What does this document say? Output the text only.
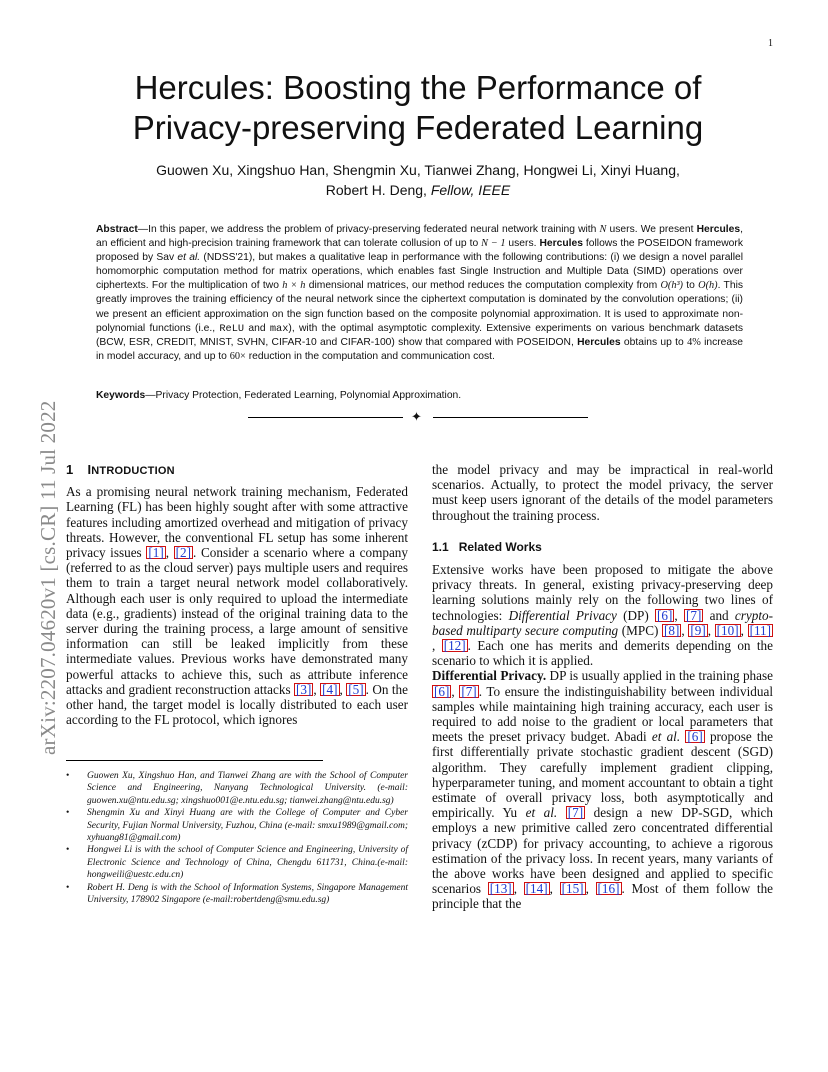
1
arXiv:2207.04620v1 [cs.CR] 11 Jul 2022
Hercules: Boosting the Performance of
Privacy-preserving Federated Learning
Guowen Xu, Xingshuo Han, Shengmin Xu, Tianwei Zhang, Hongwei Li, Xinyi Huang,
Robert H. Deng, Fellow, IEEE

Abstract—In this paper, we address the problem of privacy-preserving federated neural network training with N users. We present Hercules, an efficient and high-precision training framework that can tolerate collusion of up to N − 1 users. Hercules follows the POSEIDON framework proposed by Sav et al. (NDSS'21), but makes a qualitative leap in performance with the following contributions: (i) we design a novel parallel homomorphic computation method for matrix operations, which enables fast Single Instruction and Multiple Data (SIMD) operations over ciphertexts. For the multiplication of two h × h dimensional matrices, our method reduces the computation complexity from O(h³) to O(h). This greatly improves the training efficiency of the neural network since the ciphertext computation is dominated by the convolution operations; (ii) we present an efficient approximation on the sign function based on the composite polynomial approximation. It is used to approximate non-polynomial functions (i.e., ReLU and max), with the optimal asymptotic complexity. Extensive experiments on various benchmark datasets (BCW, ESR, CREDIT, MNIST, SVHN, CIFAR-10 and CIFAR-100) show that compared with POSEIDON, Hercules obtains up to 4% increase in model accuracy, and up to 60× reduction in the computation and communication cost.

Keywords—Privacy Protection, Federated Learning, Polynomial Approximation.

✦
1 INTRODUCTION

As a promising neural network training mechanism, Federated Learning (FL) has been highly sought after with some attractive features including amortized overhead and mitigation of privacy threats. However, the conventional FL setup has some inherent privacy issues [1] , [2] . Consider a scenario where a company (referred to as the cloud server) pays multiple users and requires them to train a target neural network model collaboratively. Although each user is only required to upload the intermediate data (e.g., gradients) instead of the original training data to the server during the training process, a large amount of sensitive information can still be leaked implicitly from these intermediate values. Previous works have demonstrated many powerful attacks to achieve this, such as attribute inference attacks and gradient reconstruction attacks [3] , [4] , [5] . On the other hand, the target model is locally distributed to each user according to the FL protocol, which ignores

• Guowen Xu, Xingshuo Han, and Tianwei Zhang are with the School of Computer Science and Engineering, Nanyang Technological University. (e-mail: guowen.xu@ntu.edu.sg; xingshuo001@e.ntu.edu.sg; tianwei.zhang@ntu.edu.sg)
• Shengmin Xu and Xinyi Huang are with the College of Computer and Cyber Security, Fujian Normal University, Fuzhou, China (e-mail: smxu1989@gmail.com; xyhuang81@gmail.com)
• Hongwei Li is with the school of Computer Science and Engineering, University of Electronic Science and Technology of China, Chengdu 611731, China.(e-mail: hongweili@uestc.edu.cn)
• Robert H. Deng is with the School of Information Systems, Singapore Management University, 178902 Singapore (e-mail:robertdeng@smu.edu.sg)

the model privacy and may be impractical in real-world scenarios. Actually, to protect the model privacy, the server must keep users ignorant of the details of the model parameters throughout the training process.

1.1 Related Works

Extensive works have been proposed to mitigate the above privacy threats. In general, existing privacy-preserving deep learning solutions mainly rely on the following two lines of technologies: Differential Privacy (DP) [6] , [7] and crypto-based multiparty secure computing (MPC) [8] , [9] , [10] , [11], [12] . Each one has merits and demerits depending on the scenario to which it is applied.

Differential Privacy. DP is usually applied in the training phase [6] , [7] . To ensure the indistinguishability between individual samples while maintaining high training accuracy, each user is required to add noise to the gradient or local parameters that meets the preset privacy budget. Abadi et al. [6] propose the first differentially private stochastic gradient descent (SGD) algorithm. They carefully implement gradient clipping, hyperparameter tuning, and moment accountant to obtain a tight estimate of overall privacy loss, both asymptotically and empirically. Yu et al. [7] design a new DP-SGD, which employs a new primitive called zero concentrated differential privacy (zCDP) for privacy accounting, to achieve a rigorous estimation of the privacy loss. In recent years, many variants of the above works have been designed and applied to specific scenarios [13] , [14] , [15] , [16] . Most of them follow the principle that the
